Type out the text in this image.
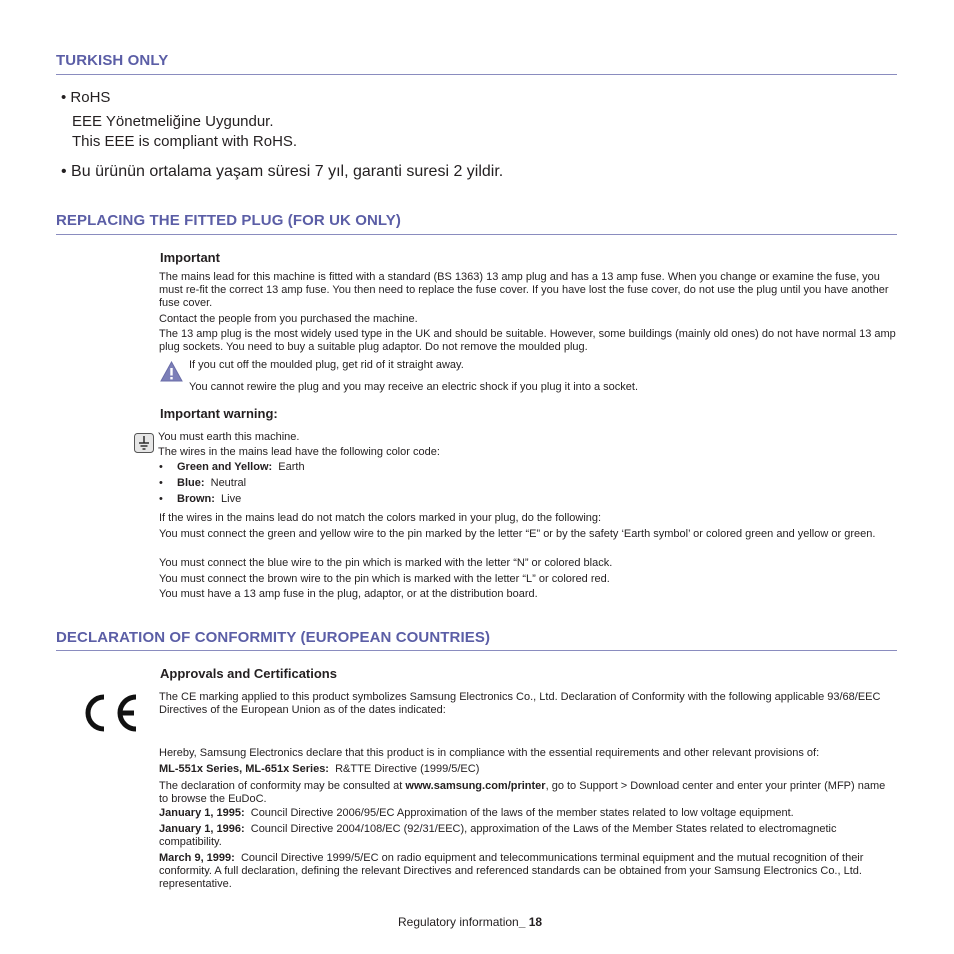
TURKISH ONLY
• RoHS
EEE Yönetmeliğine Uygundur.
This EEE is compliant with RoHS.
• Bu ürünün ortalama yaşam süresi 7 yıl, garanti suresi 2 yildir.
REPLACING THE FITTED PLUG (FOR UK ONLY)
Important
The mains lead for this machine is fitted with a standard (BS 1363) 13 amp plug and has a 13 amp fuse. When you change or examine the fuse, you must re-fit the correct 13 amp fuse. You then need to replace the fuse cover. If you have lost the fuse cover, do not use the plug until you have another fuse cover.
Contact the people from you purchased the machine.
The 13 amp plug is the most widely used type in the UK and should be suitable. However, some buildings (mainly old ones) do not have normal 13 amp plug sockets. You need to buy a suitable plug adaptor. Do not remove the moulded plug.
If you cut off the moulded plug, get rid of it straight away.
You cannot rewire the plug and you may receive an electric shock if you plug it into a socket.
Important warning:
You must earth this machine.
The wires in the mains lead have the following color code:
• Green and Yellow: Earth
• Blue: Neutral
• Brown: Live
If the wires in the mains lead do not match the colors marked in your plug, do the following:
You must connect the green and yellow wire to the pin marked by the letter “E” or by the safety ‘Earth symbol’ or colored green and yellow or green.
You must connect the blue wire to the pin which is marked with the letter “N” or colored black.
You must connect the brown wire to the pin which is marked with the letter “L” or colored red.
You must have a 13 amp fuse in the plug, adaptor, or at the distribution board.
DECLARATION OF CONFORMITY (EUROPEAN COUNTRIES)
Approvals and Certifications
The CE marking applied to this product symbolizes Samsung Electronics Co., Ltd. Declaration of Conformity with the following applicable 93/68/EEC Directives of the European Union as of the dates indicated:
Hereby, Samsung Electronics declare that this product is in compliance with the essential requirements and other relevant provisions of:
ML-551x Series, ML-651x Series: R&TTE Directive (1999/5/EC)
The declaration of conformity may be consulted at www.samsung.com/printer, go to Support > Download center and enter your printer (MFP) name to browse the EuDoC.
January 1, 1995: Council Directive 2006/95/EC Approximation of the laws of the member states related to low voltage equipment.
January 1, 1996: Council Directive 2004/108/EC (92/31/EEC), approximation of the Laws of the Member States related to electromagnetic compatibility.
March 9, 1999: Council Directive 1999/5/EC on radio equipment and telecommunications terminal equipment and the mutual recognition of their conformity. A full declaration, defining the relevant Directives and referenced standards can be obtained from your Samsung Electronics Co., Ltd. representative.
Regulatory information_ 18
